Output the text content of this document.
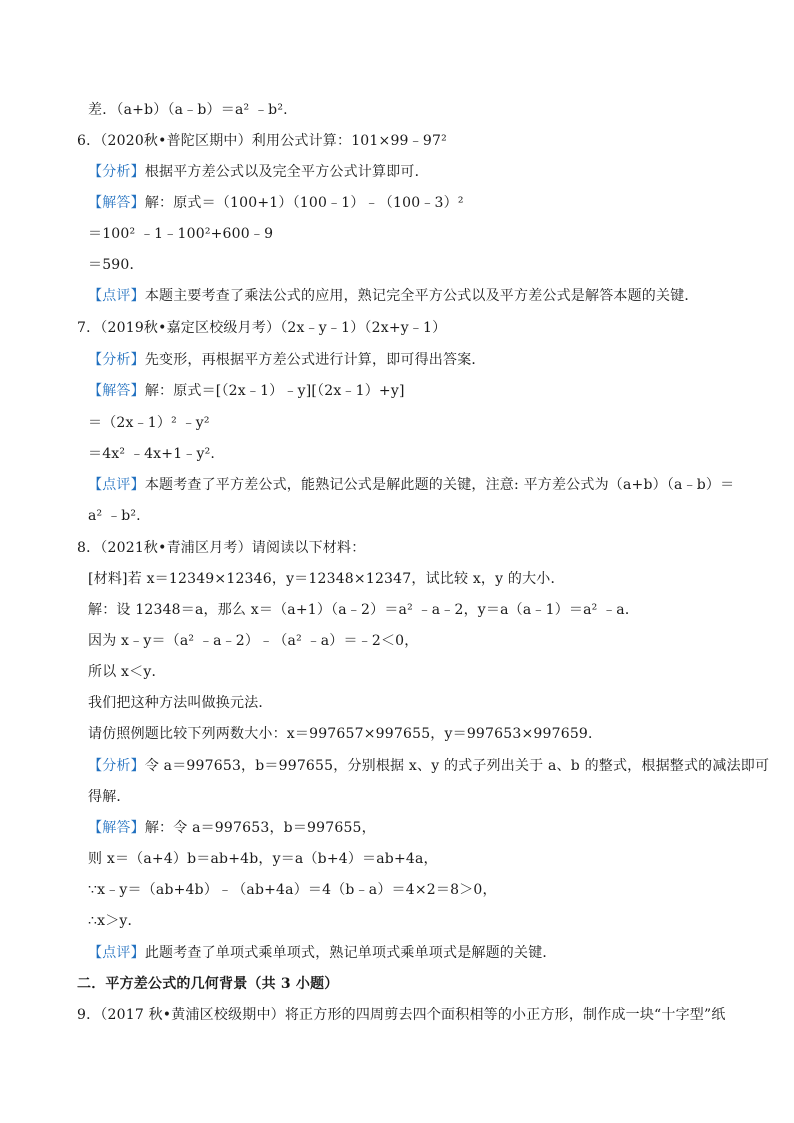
差．（a+b）（a﹣b）＝a² ﹣b².
6．（2020秋•普陀区期中）利用公式计算：101×99﹣97²
【分析】根据平方差公式以及完全平方公式计算即可．
【解答】解：原式＝（100+1）（100﹣1）﹣（100﹣3）²
＝100² ﹣1﹣100²+600﹣9
＝590．
【点评】本题主要考查了乘法公式的应用，熟记完全平方公式以及平方差公式是解答本题的关键．
7．（2019秋•嘉定区校级月考）（2x﹣y﹣1）（2x+y﹣1）
【分析】先变形，再根据平方差公式进行计算，即可得出答案．
【解答】解：原式＝[（2x﹣1）﹣y][（2x﹣1）+y]
＝（2x﹣1）² ﹣y²
＝4x² ﹣4x+1﹣y².
【点评】本题考查了平方差公式，能熟记公式是解此题的关键，注意: 平方差公式为（a+b）（a﹣b）＝
a² ﹣b².
8．（2021秋•青浦区月考）请阅读以下材料：
[材料]若 x＝12349×12346，y＝12348×12347，试比较 x，y 的大小．
解：设 12348＝a，那么 x＝（a+1）（a﹣2）＝a² ﹣a﹣2，y＝a（a﹣1）＝a² ﹣a．
因为 x﹣y＝（a² ﹣a﹣2）﹣（a² ﹣a）＝﹣2＜0，
所以 x＜y．
我们把这种方法叫做换元法．
请仿照例题比较下列两数大小：x＝997657×997655，y＝997653×997659．
【分析】令 a＝997653，b＝997655，分别根据 x、y 的式子列出关于 a、b 的整式，根据整式的减法即可
得解．
【解答】解：令 a＝997653，b＝997655，
则 x＝（a+4）b＝ab+4b，y＝a（b+4）＝ab+4a，
∵x﹣y＝（ab+4b）﹣（ab+4a）＝4（b﹣a）＝4×2＝8＞0，
∴x＞y．
【点评】此题考查了单项式乘单项式，熟记单项式乘单项式是解题的关键．
二．平方差公式的几何背景（共 3 小题）
9．（2017 秋•黄浦区校级期中）将正方形的四周剪去四个面积相等的小正方形，制作成一块“十字型”纸
